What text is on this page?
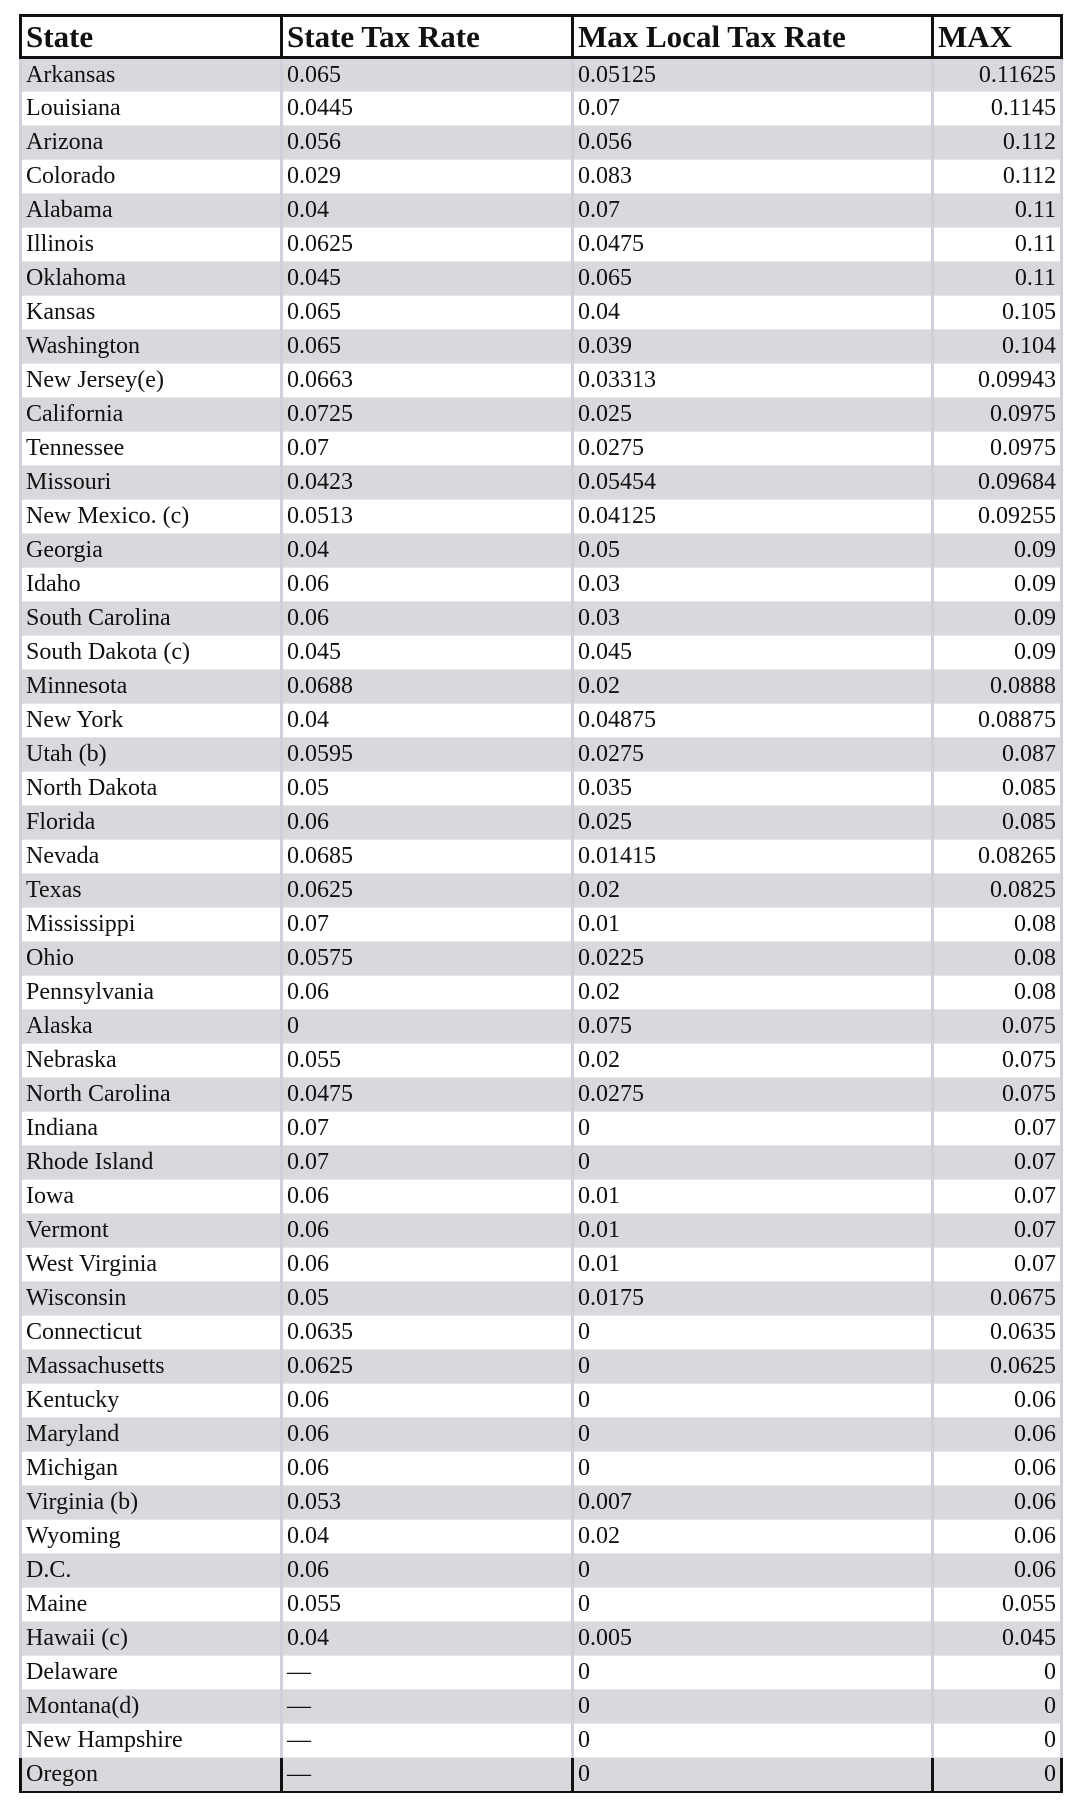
State	State Tax Rate	Max Local Tax Rate	MAX
Arkansas	0.065	0.05125	0.11625
Louisiana	0.0445	0.07	0.1145
Arizona	0.056	0.056	0.112
Colorado	0.029	0.083	0.112
Alabama	0.04	0.07	0.11
Illinois	0.0625	0.0475	0.11
Oklahoma	0.045	0.065	0.11
Kansas	0.065	0.04	0.105
Washington	0.065	0.039	0.104
New Jersey(e)	0.0663	0.03313	0.09943
California	0.0725	0.025	0.0975
Tennessee	0.07	0.0275	0.0975
Missouri	0.0423	0.05454	0.09684
New Mexico. (c)	0.0513	0.04125	0.09255
Georgia	0.04	0.05	0.09
Idaho	0.06	0.03	0.09
South Carolina	0.06	0.03	0.09
South Dakota (c)	0.045	0.045	0.09
Minnesota	0.0688	0.02	0.0888
New York	0.04	0.04875	0.08875
Utah (b)	0.0595	0.0275	0.087
North Dakota	0.05	0.035	0.085
Florida	0.06	0.025	0.085
Nevada	0.0685	0.01415	0.08265
Texas	0.0625	0.02	0.0825
Mississippi	0.07	0.01	0.08
Ohio	0.0575	0.0225	0.08
Pennsylvania	0.06	0.02	0.08
Alaska	0	0.075	0.075
Nebraska	0.055	0.02	0.075
North Carolina	0.0475	0.0275	0.075
Indiana	0.07	0	0.07
Rhode Island	0.07	0	0.07
Iowa	0.06	0.01	0.07
Vermont	0.06	0.01	0.07
West Virginia	0.06	0.01	0.07
Wisconsin	0.05	0.0175	0.0675
Connecticut	0.0635	0	0.0635
Massachusetts	0.0625	0	0.0625
Kentucky	0.06	0	0.06
Maryland	0.06	0	0.06
Michigan	0.06	0	0.06
Virginia (b)	0.053	0.007	0.06
Wyoming	0.04	0.02	0.06
D.C.	0.06	0	0.06
Maine	0.055	0	0.055
Hawaii (c)	0.04	0.005	0.045
Delaware	—	0	0
Montana(d)	—	0	0
New Hampshire	—	0	0
Oregon	—	0	0
